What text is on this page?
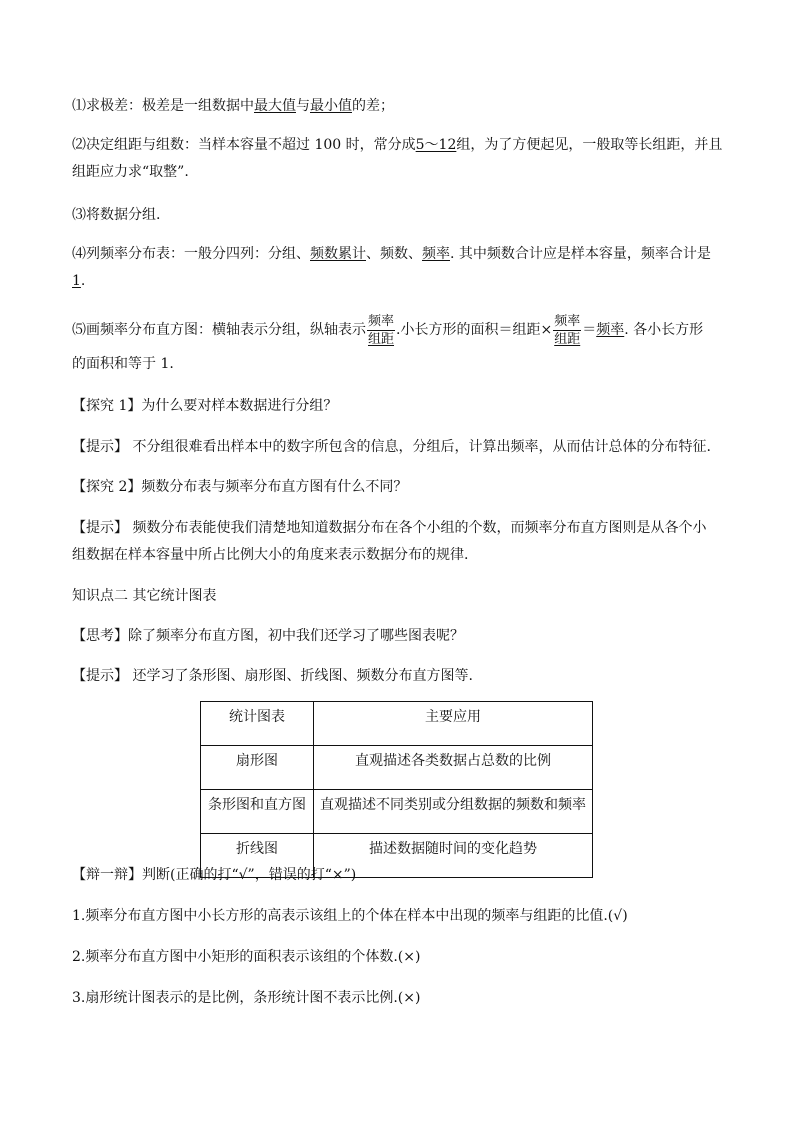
⑴求极差：极差是一组数据中最大值与最小值的差；
⑵决定组距与组数：当样本容量不超过 100 时，常分成5～12组，为了方便起见，一般取等长组距，并且
组距应力求“取整”.
⑶将数据分组.
⑷列频率分布表：一般分四列：分组、频数累计、频数、频率. 其中频数合计应是样本容量，频率合计是
1.
⑸画频率分布直方图：横轴表示分组，纵轴表示 $\frac{\text{频率}}{\text{组距}}$ .小长方形的面积＝组距× $\frac{\text{频率}}{\text{组距}}$ ＝频率. 各小长方形
的面积和等于 1.
【探究 1】为什么要对样本数据进行分组？
【提示】 不分组很难看出样本中的数字所包含的信息，分组后，计算出频率，从而估计总体的分布特征.
【探究 2】频数分布表与频率分布直方图有什么不同？
【提示】 频数分布表能使我们清楚地知道数据分布在各个小组的个数，而频率分布直方图则是从各个小
组数据在样本容量中所占比例大小的角度来表示数据分布的规律.
知识点二 其它统计图表
【思考】除了频率分布直方图，初中我们还学习了哪些图表呢？
【提示】 还学习了条形图、扇形图、折线图、频数分布直方图等.
统计图表	主要应用
扇形图	直观描述各类数据占总数的比例
条形图和直方图	直观描述不同类别或分组数据的频数和频率
折线图	描述数据随时间的变化趋势
【辩一辩】判断(正确的打“√”，错误的打“×”)
1.频率分布直方图中小长方形的高表示该组上的个体在样本中出现的频率与组距的比值.(√)
2.频率分布直方图中小矩形的面积表示该组的个体数.(×)
3.扇形统计图表示的是比例，条形统计图不表示比例.(×)
